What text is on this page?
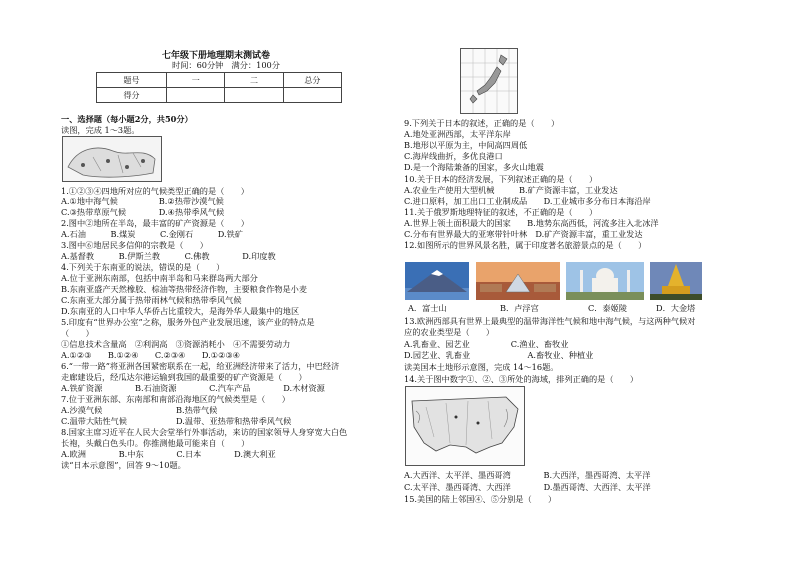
七年级下册地理期末测试卷
时间：60分钟　满分：100分
题号	一	二	总分
得分			
一、选择题（每小题2分，共50分）
读图，完成 1～3题。
1.①②③④四地所对应的气候类型正确的是（　　）
A.①地中海气候　　　　　B.②热带沙漠气候
C.③热带草原气候　　　　D.④热带季风气候
2.图中②地所在半岛，最丰富的矿产资源是（　　）
A.石油　　　B.煤炭　　　C.金刚石　　　D.铁矿
3.图中⑥地居民多信仰的宗教是（　　）
A.基督教　　　B.伊斯兰教　　　C.佛教　　　　D.印度教
4.下列关于东南亚的说法，错误的是（　　）
A.位于亚洲东南部，包括中南半岛和马来群岛两大部分
B.东南亚盛产天然橡胶、棕油等热带经济作物，主要粮食作物是小麦
C.东南亚大部分属于热带雨林气候和热带季风气候
D.东南亚的人口中华人华侨占比重较大，是海外华人最集中的地区
5.印度有“世界办公室”之称，服务外包产业发展迅速，该产业的特点是
（　　）
①信息技术含量高　②利润高　③资源消耗小　④不需要劳动力
A.①②③　　B.①②④　　C.②③④　　D.①②③④
6.“一带一路”将亚洲各国紧密联系在一起，给亚洲经济带来了活力，中巴经济
走廊建设后，经瓜达尔港运输到我国的最重要的矿产资源是（　　）
A.铁矿资源　　　　B.石油资源　　　　C.汽车产品　　　　D.木材资源
7.位于亚洲东部、东南部和南部沿海地区的气候类型是（　　）
A.沙漠气候　　　　　　　　　B.热带气候
C.温带大陆性气候　　　　　　D.温带、亚热带和热带季风气候
8.国家主席习近平在人民大会堂举行外事活动，来访的国家领导人身穿宽大白色
长袍，头戴白色头巾。你推测他最可能来自（　　）
A.欧洲　　　　B.中东　　　　C.日本　　　　D.澳大利亚
读“日本示意图”，回答 9～10题。
9.下列关于日本的叙述，正确的是（　　）
A.地处亚洲西部，太平洋东岸
B.地形以平原为主，中间高四周低
C.海岸线曲折，多优良港口
D.是一个海陆兼备的国家，多火山地震
10.关于日本的经济发展，下列叙述正确的是（　　）
A.农业生产使用大型机械　　　B.矿产资源丰富，工业发达
C.进口原料，加工出口工业制成品　　D.工业城市多分布日本海沿岸
11.关于俄罗斯地理特征的叙述，不正确的是（　　）
A.世界上领土面积最大的国家　　B.地势东高西低，河流多注入北冰洋
C.分布有世界最大的亚寒带针叶林　D.矿产资源丰富，重工业发达
12.如图所示的世界风景名胜，属于印度著名旅游景点的是（　　）
A．富士山	B．卢浮宫	C．泰姬陵	D．大金塔
13.欧洲西部具有世界上最典型的温带海洋性气候和地中海气候，与这两种气候对
应的农业类型是（　　）
A.乳畜业、园艺业　　　　　C.渔业、畜牧业
D.园艺业、乳畜业　　　　　　　A.畜牧业、种植业
读美国本土地形示意图，完成 14～16题。
14.关于图中数字①、②、③所处的海域，排列正确的是（　　）
A.大西洋、太平洋、墨西哥湾　　　　B.大西洋，墨西哥湾、太平洋
C.太平洋、墨西哥湾、大西洋　　　　D.墨西哥湾、大西洋、太平洋
15.美国的陆上邻国④、⑤分别是（　　）
